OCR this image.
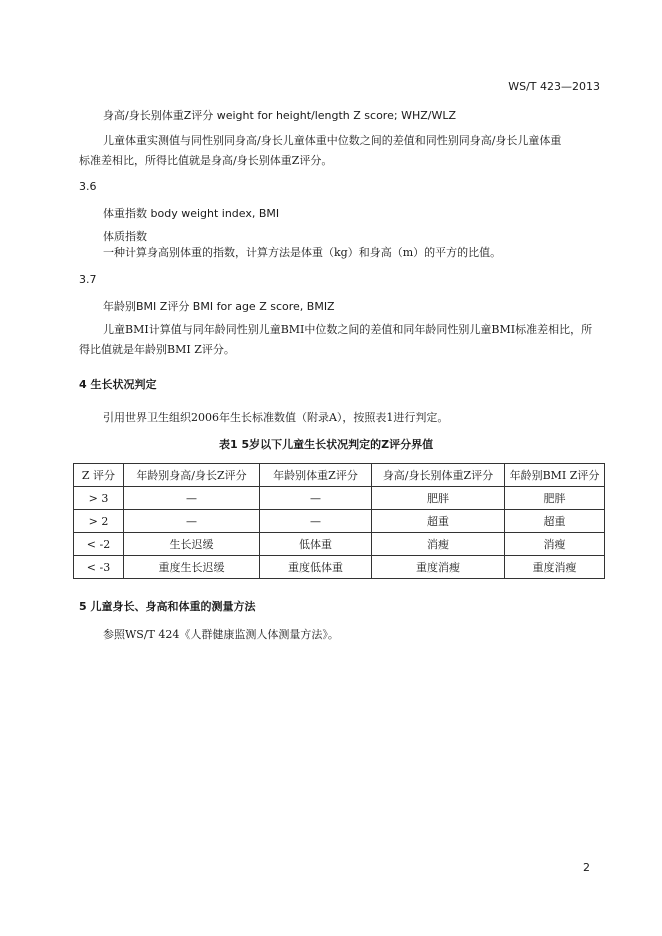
WS/T 423—2013
身高/身长别体重Z评分 weight for height/length Z score; WHZ/WLZ
儿童体重实测值与同性别同身高/身长儿童体重中位数之间的差值和同性别同身高/身长儿童体重
标准差相比，所得比值就是身高/身长别体重Z评分。
3.6
体重指数 body weight index, BMI
体质指数
一种计算身高别体重的指数，计算方法是体重（kg）和身高（m）的平方的比值。
3.7
年龄别BMI Z评分 BMI for age Z score, BMIZ
儿童BMI计算值与同年龄同性别儿童BMI中位数之间的差值和同年龄同性别儿童BMI标准差相比，所
得比值就是年龄别BMI Z评分。
4 生长状况判定
引用世界卫生组织2006年生长标准数值（附录A），按照表1进行判定。
表1 5岁以下儿童生长状况判定的Z评分界值
Z 评分	年龄别身高/身长Z评分	年龄别体重Z评分	身高/身长别体重Z评分	年龄别BMI Z评分
> 3	—	—	肥胖	肥胖
> 2	—	—	超重	超重
< -2	生长迟缓	低体重	消瘦	消瘦
< -3	重度生长迟缓	重度低体重	重度消瘦	重度消瘦
5 儿童身长、身高和体重的测量方法
参照WS/T 424《人群健康监测人体测量方法》。
2
